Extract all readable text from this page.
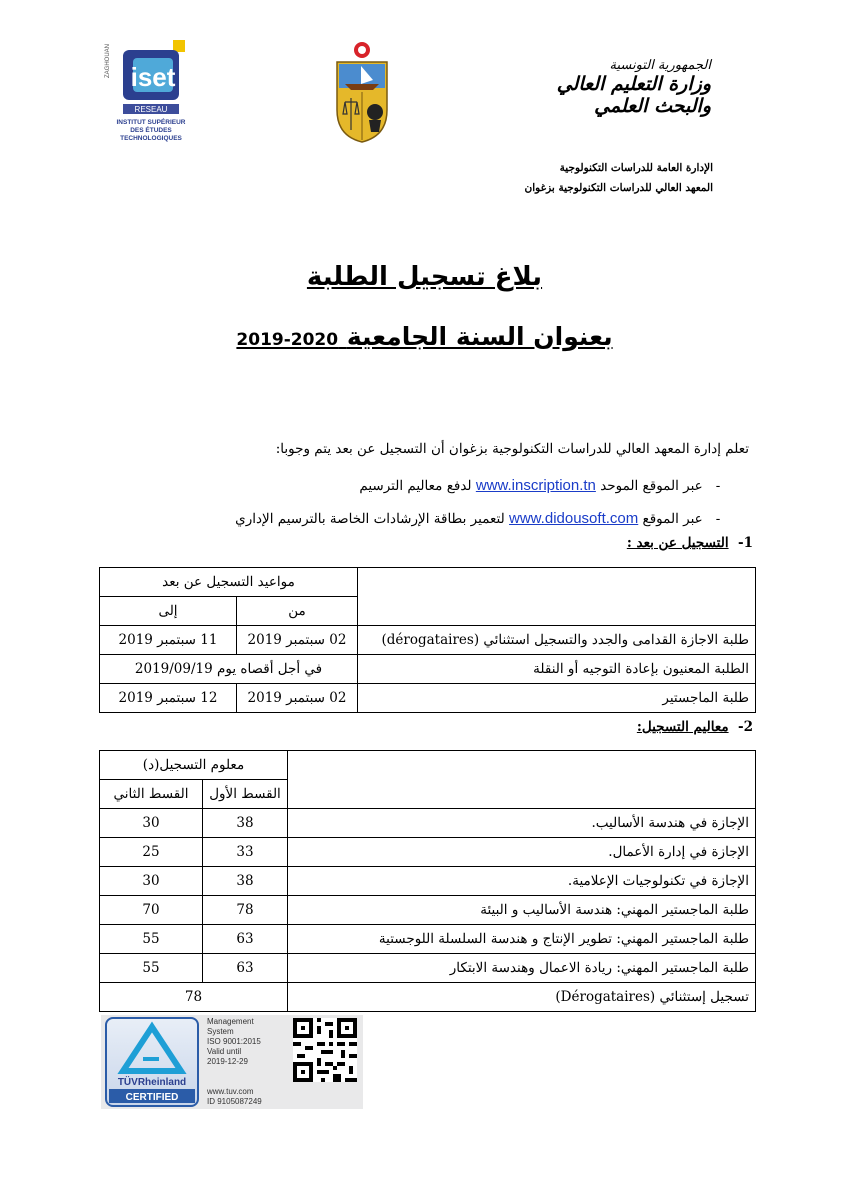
iset
ZAGHOUAN
RESEAU
INSTITUT SUPÉRIEUR
DES ÉTUDES
TECHNOLOGIQUES
الجمهورية التونسية
وزارة التعليم العالي
والبحث العلمي
الإدارة العامة للدراسات التكنولوجية
المعهد العالي للدراسات التكنولوجية بزغوان
بلاغ تسجيل الطلبة
بعنوان السنة الجامعية 2019-2020
تعلم إدارة المعهد العالي للدراسات التكنولوجية بزغوان أن التسجيل عن بعد يتم وجوبا:
- عبر الموقع الموحد www.inscription.tn لدفع معاليم الترسيم
- عبر الموقع www.didousoft.com لتعمير بطاقة الإرشادات الخاصة بالترسيم الإداري
1-  التسجيل عن بعد :
	مواعيد التسجيل عن بعد	
	من	إلى
طلبة الاجازة القدامى والجدد والتسجيل استثنائي (dérogataires)	02 سبتمبر 2019	11 سبتمبر 2019
الطلبة المعنيون بإعادة التوجيه أو النقلة	في أجل أقصاه يوم 2019/09/19	
طلبة الماجستير	02 سبتمبر 2019	12 سبتمبر 2019
2-  معاليم التسجيل:
	معلوم التسجيل(د)	
	القسط الأول	القسط الثاني
الإجازة في هندسة الأساليب.	38	30
الإجازة في إدارة الأعمال.	33	25
الإجازة في تكنولوجيات الإعلامية.	38	30
طلبة الماجستير المهني: هندسة الأساليب و البيئة	78	70
طلبة الماجستير المهني: تطوير الإنتاج و هندسة السلسلة اللوجستية	63	55
طلبة الماجستير المهني: ريادة الاعمال وهندسة الابتكار	63	55
تسجيل إستثنائي (Dérogataires)	78	
TÜVRheinland
CERTIFIED
Management
System
ISO 9001:2015
Valid until
2019-12-29
www.tuv.com
ID 9105087249
